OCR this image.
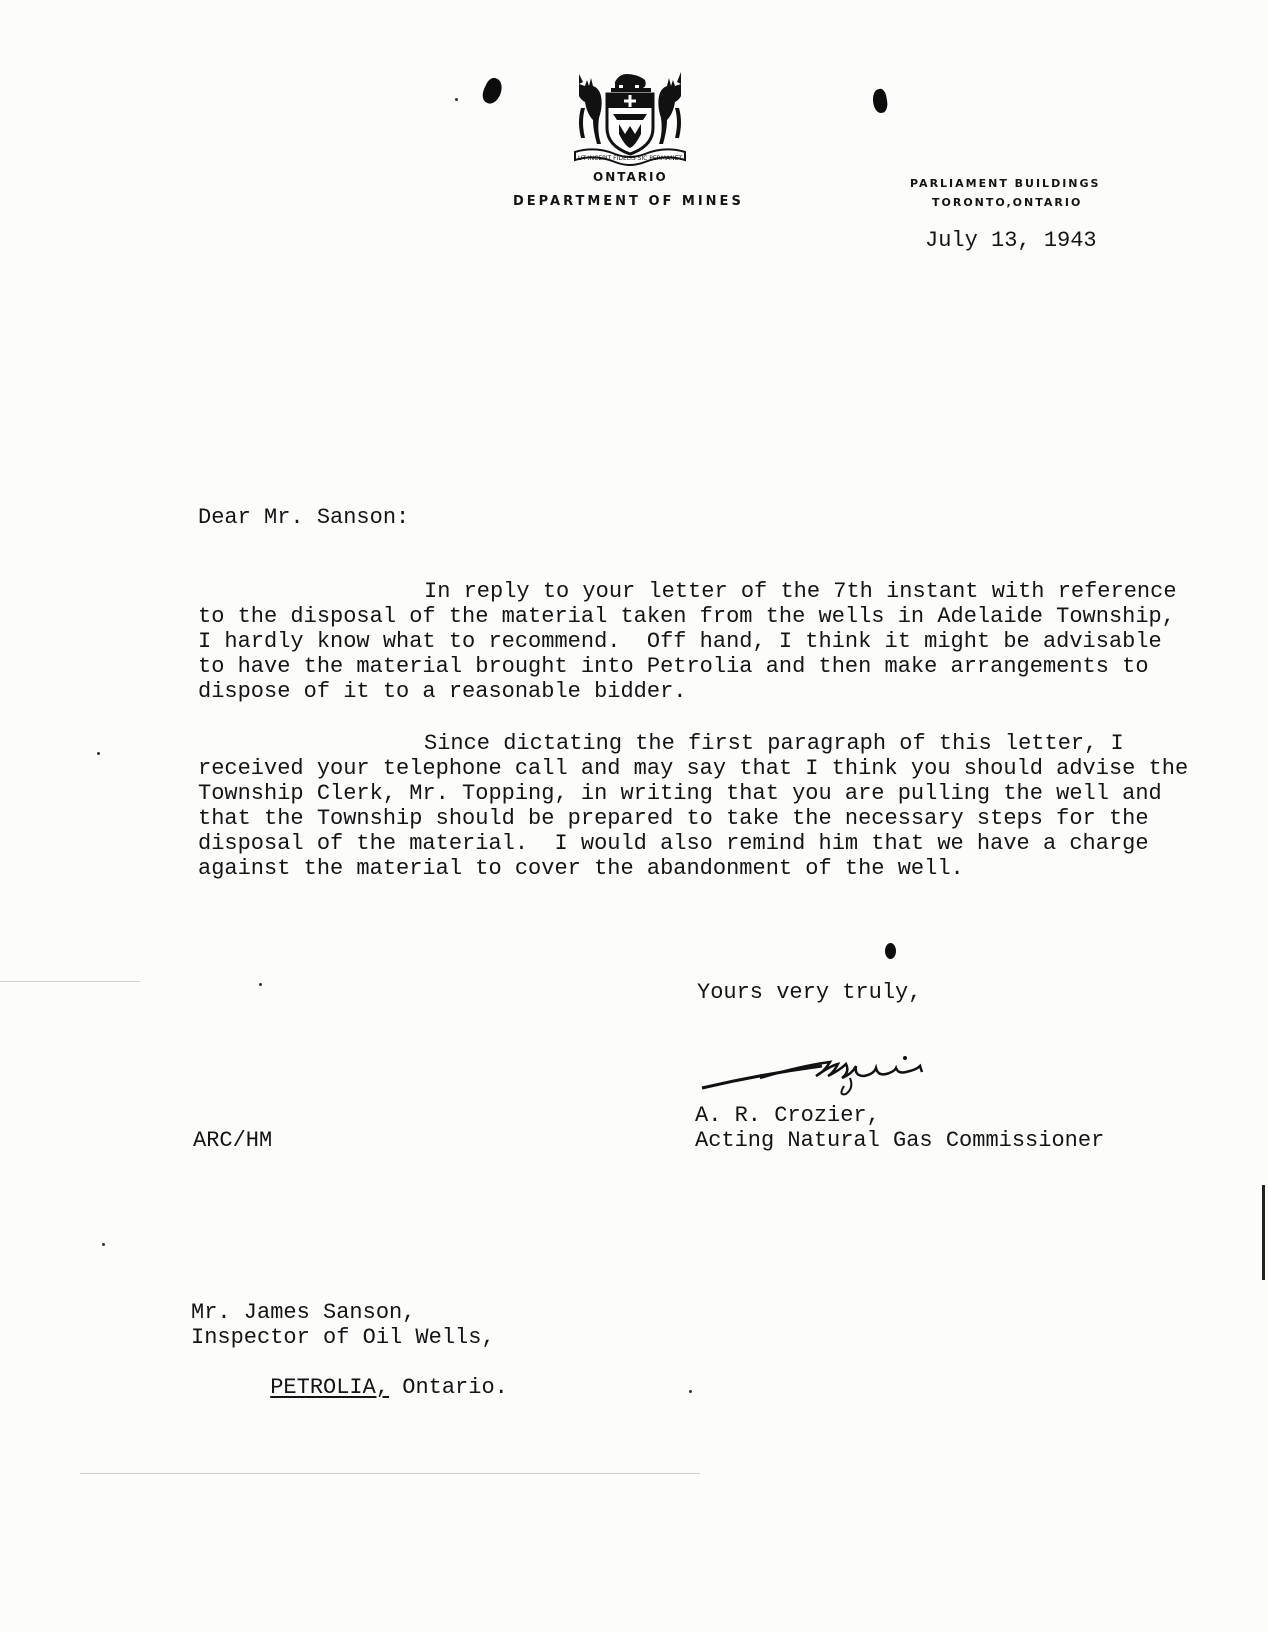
UT INCEPIT FIDELIS SIC PERMANET
ONTARIO
DEPARTMENT OF MINES
PARLIAMENT BUILDINGS
TORONTO,ONTARIO
July 13, 1943
Dear Mr. Sanson:
In reply to your letter of the 7th instant with reference
to the disposal of the material taken from the wells in Adelaide Township,
I hardly know what to recommend.  Off hand, I think it might be advisable
to have the material brought into Petrolia and then make arrangements to
dispose of it to a reasonable bidder.
Since dictating the first paragraph of this letter, I
received your telephone call and may say that I think you should advise the
Township Clerk, Mr. Topping, in writing that you are pulling the well and
that the Township should be prepared to take the necessary steps for the
disposal of the material.  I would also remind him that we have a charge
against the material to cover the abandonment of the well.
Yours very truly,
A. R. Crozier,
Acting Natural Gas Commissioner
ARC/HM
Mr. James Sanson,
Inspector of Oil Wells,

PETROLIA, Ontario.
